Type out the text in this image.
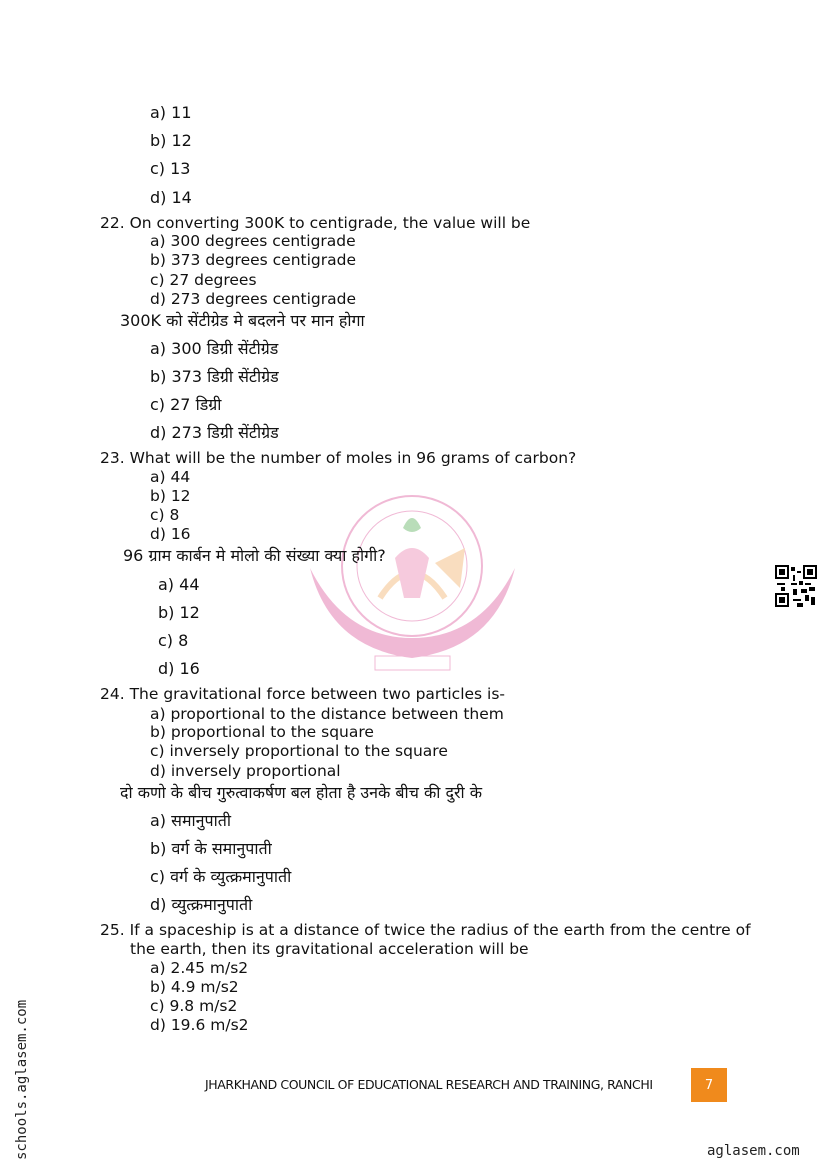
a) 11
b) 12
c) 13
d) 14
22. On converting 300K to centigrade, the value will be
a) 300 degrees centigrade
b) 373 degrees centigrade
c) 27 degrees
d) 273 degrees centigrade
300K को सेंटीग्रेड मे बदलने पर मान होगा
a) 300 डिग्री सेंटीग्रेड
b) 373 डिग्री सेंटीग्रेड
c) 27 डिग्री
d) 273 डिग्री सेंटीग्रेड
23. What will be the number of moles in 96 grams of carbon?
a) 44
b) 12
c) 8
d) 16
96 ग्राम कार्बन मे मोलो की संख्या क्या होगी?
a) 44
b) 12
c) 8
d) 16
24. The gravitational force between two particles is-
a) proportional to the distance between them
b) proportional to the square
c) inversely proportional to the square
d) inversely proportional
दो कणो के बीच गुरुत्वाकर्षण बल होता है उनके बीच की दुरी के
a) समानुपाती
b) वर्ग के समानुपाती
c) वर्ग के व्युत्क्रमानुपाती
d) व्युत्क्रमानुपाती
25. If a spaceship is at a distance of twice the radius of the earth from the centre of
the earth, then its gravitational acceleration will be
a) 2.45 m/s2
b) 4.9 m/s2
c) 9.8 m/s2
d) 19.6 m/s2
schools.aglasem.com	JHARKHAND COUNCIL OF EDUCATIONAL RESEARCH AND TRAINING, RANCHI	7
aglasem.com
